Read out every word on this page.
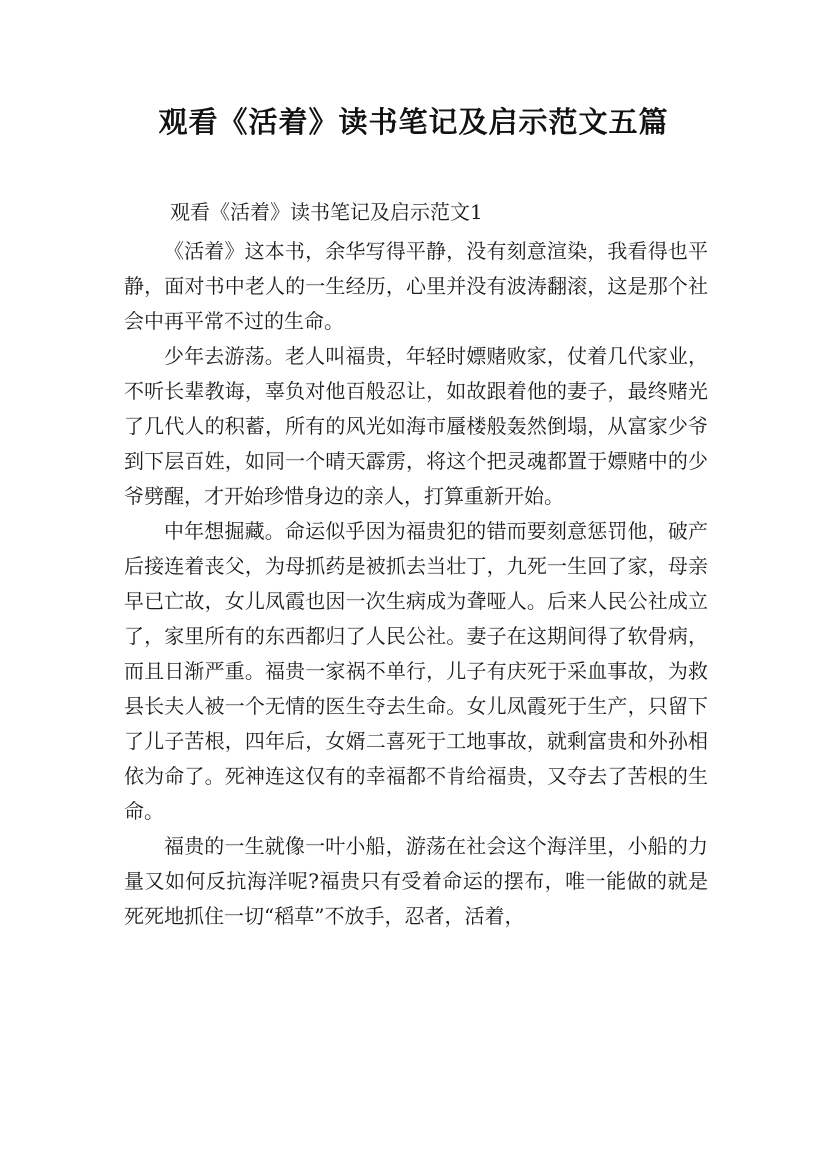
观看《活着》读书笔记及启示范文五篇
观看《活着》读书笔记及启示范文1

《活着》这本书，余华写得平静，没有刻意渲染，我看得也平静，面对书中老人的一生经历，心里并没有波涛翻滚，这是那个社会中再平常不过的生命。

少年去游荡。老人叫福贵，年轻时嫖赌败家，仗着几代家业，不听长辈教诲，辜负对他百般忍让，如故跟着他的妻子，最终赌光了几代人的积蓄，所有的风光如海市蜃楼般轰然倒塌，从富家少爷到下层百姓，如同一个晴天霹雳，将这个把灵魂都置于嫖赌中的少爷劈醒，才开始珍惜身边的亲人，打算重新开始。

中年想掘藏。命运似乎因为福贵犯的错而要刻意惩罚他，破产后接连着丧父，为母抓药是被抓去当壮丁，九死一生回了家，母亲早已亡故，女儿凤霞也因一次生病成为聋哑人。后来人民公社成立了，家里所有的东西都归了人民公社。妻子在这期间得了软骨病，而且日渐严重。福贵一家祸不单行，儿子有庆死于采血事故，为救县长夫人被一个无情的医生夺去生命。女儿凤霞死于生产，只留下了儿子苦根，四年后，女婿二喜死于工地事故，就剩富贵和外孙相依为命了。死神连这仅有的幸福都不肯给福贵，又夺去了苦根的生命。

福贵的一生就像一叶小船，游荡在社会这个海洋里，小船的力量又如何反抗海洋呢?福贵只有受着命运的摆布，唯一能做的就是死死地抓住一切“稻草”不放手，忍者，活着，
